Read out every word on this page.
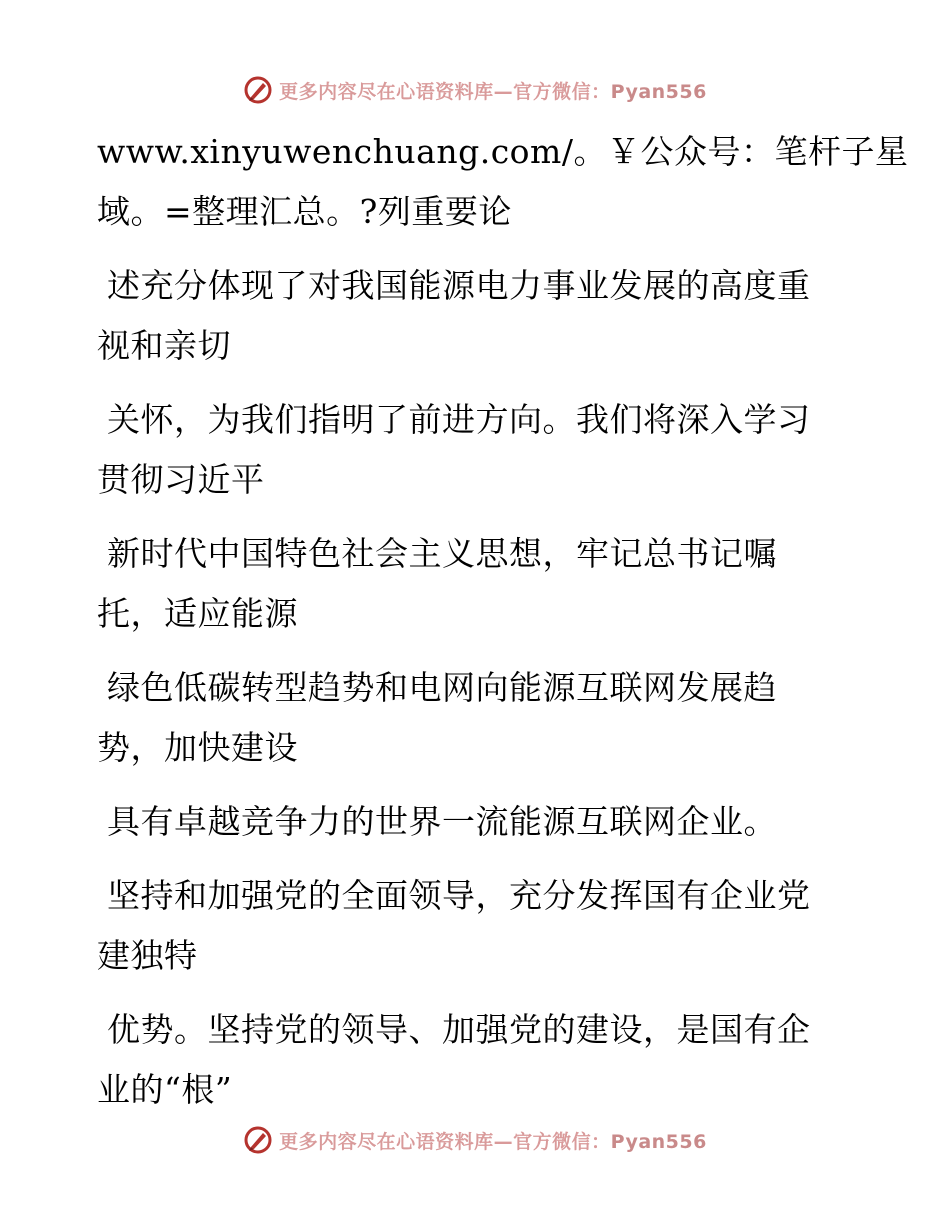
更多内容尽在心语资料库—官方微信：Pyan556
www.xinyuwenchuang.com/。￥公众号：笔杆子星
域。=整理汇总。?列重要论
述充分体现了对我国能源电力事业发展的高度重
视和亲切
关怀，为我们指明了前进方向。我们将深入学习
贯彻习近平
新时代中国特色社会主义思想，牢记总书记嘱
托，适应能源
绿色低碳转型趋势和电网向能源互联网发展趋
势，加快建设
具有卓越竞争力的世界一流能源互联网企业。
坚持和加强党的全面领导，充分发挥国有企业党
建独特
优势。坚持党的领导、加强党的建设，是国有企
业的“根”
更多内容尽在心语资料库—官方微信：Pyan556
